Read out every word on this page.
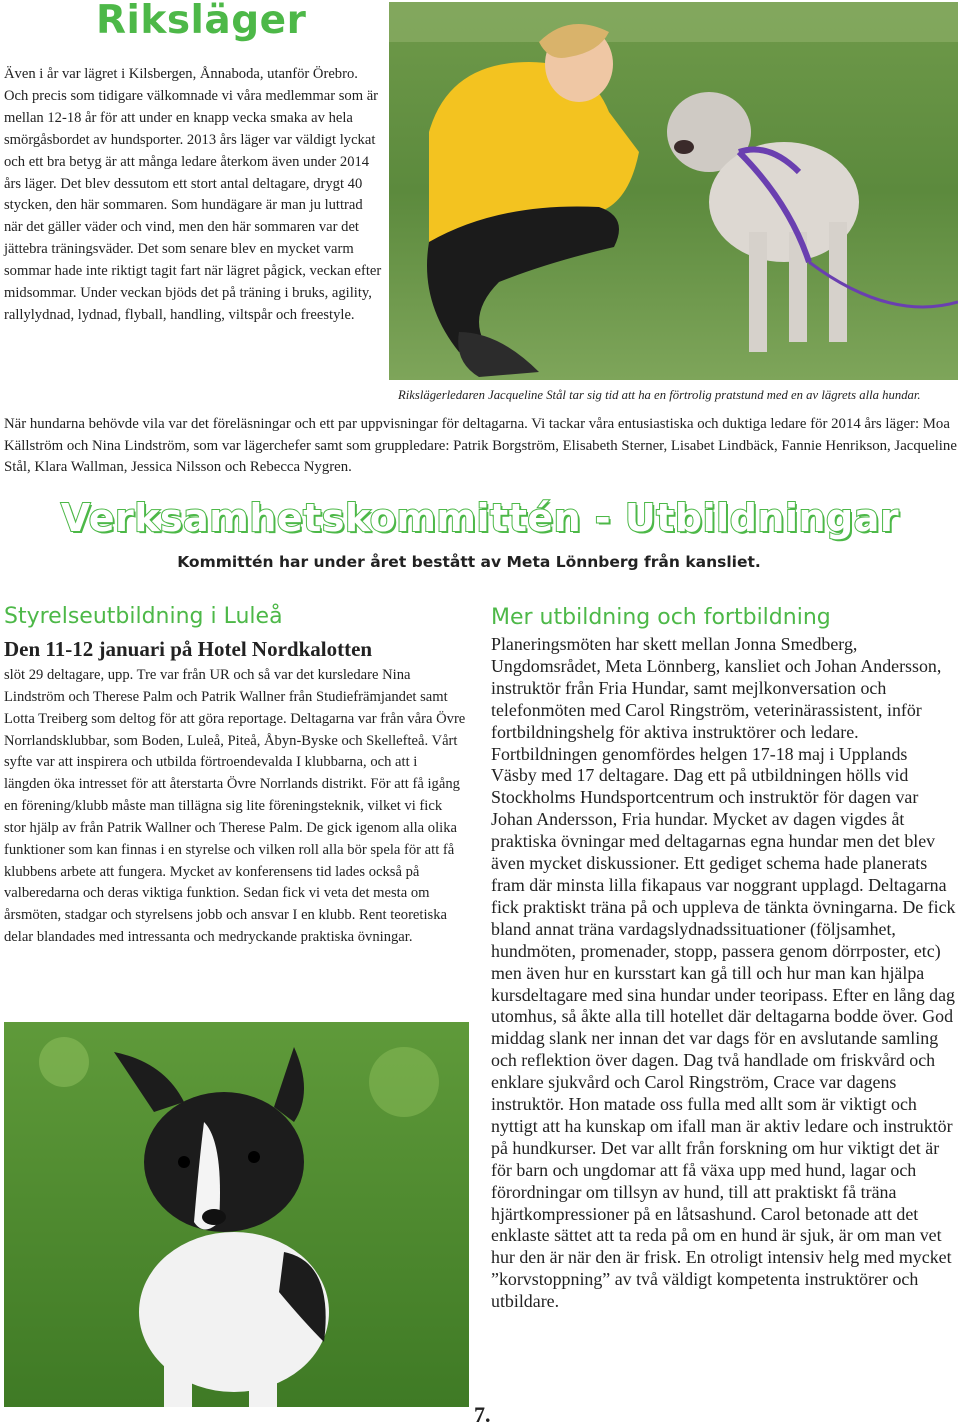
Riksläger

Även i år var lägret i Kilsbergen, Ånnaboda, utanför Örebro. Och precis som tidigare välkomnade vi våra medlemmar som är mellan 12-18 år för att under en knapp vecka smaka av hela smörgåsbordet av hundsporter. 2013 års läger var väldigt lyckat och ett bra betyg är att många ledare återkom även under 2014 års läger. Det blev dessutom ett stort antal deltagare, drygt 40 stycken, den här sommaren. Som hundägare är man ju luttrad när det gäller väder och vind, men den här sommaren var det jättebra träningsväder. Det som senare blev en mycket varm sommar hade inte riktigt tagit fart när lägret pågick, veckan efter midsommar. Under veckan bjöds det på träning i bruks, agility, rallylydnad, lydnad, flyball, handling, viltspår och freestyle.

Rikslägerledaren Jacqueline Stål tar sig tid att ha en förtrolig pratstund med en av lägrets alla hundar.

När hundarna behövde vila var det föreläsningar och ett par uppvisningar för deltagarna. Vi tackar våra entusiastiska och duktiga ledare för 2014 års läger: Moa Källström och Nina Lindström, som var lägerchefer samt som gruppledare: Patrik Borgström, Elisabeth Sterner, Lisabet Lindbäck, Fannie Henrikson, Jacqueline Stål, Klara Wallman, Jessica Nilsson och Rebecca Nygren.

Verksamhetskommittén - Utbildningar

Kommittén har under året bestått av Meta Lönnberg från kansliet.

Styrelseutbildning i Luleå
Den 11-12 januari på Hotel Nordkalotten

slöt 29 deltagare, upp. Tre var från UR och så var det kursledare Nina Lindström och Therese Palm och Patrik Wallner från Studiefrämjandet samt Lotta Treiberg som deltog för att göra reportage. Deltagarna var från våra Övre Norrlandsklubbar, som Boden, Luleå, Piteå, Åbyn-Byske och Skellefteå. Vårt syfte var att inspirera och utbilda förtroendevalda I klubbarna, och att i längden öka intresset för att återstarta Övre Norrlands distrikt. För att få igång en förening/klubb måste man tillägna sig lite föreningsteknik, vilket vi fick stor hjälp av från Patrik Wallner och Therese Palm. De gick igenom alla olika funktioner som kan finnas i en styrelse och vilken roll alla bör spela för att få klubbens arbete att fungera. Mycket av konferensens tid lades också på valberedarna och deras viktiga funktion. Sedan fick vi veta det mesta om årsmöten, stadgar och styrelsens jobb och ansvar I en klubb. Rent teoretiska delar blandades med intressanta och medryckande praktiska övningar.

Mer utbildning och fortbildning

Planeringsmöten har skett mellan Jonna Smedberg, Ungdomsrådet, Meta Lönnberg, kansliet och Johan Andersson, instruktör från Fria Hundar, samt mejlkonversation och telefonmöten med Carol Ringström, veterinärassistent, inför fortbildningshelg för aktiva instruktörer och ledare. Fortbildningen genomfördes helgen 17-18 maj i Upplands Väsby med 17 deltagare. Dag ett på utbildningen hölls vid Stockholms Hundsportcentrum och instruktör för dagen var Johan Andersson, Fria hundar. Mycket av dagen vigdes åt praktiska övningar med deltagarnas egna hundar men det blev även mycket diskussioner. Ett gediget schema hade planerats fram där minsta lilla fikapaus var noggrant upplagd. Deltagarna fick praktiskt träna på och uppleva de tänkta övningarna. De fick bland annat träna vardagslydnadssituationer (följsamhet, hundmöten, promenader, stopp, passera genom dörrposter, etc) men även hur en kursstart kan gå till och hur man kan hjälpa kursdeltagare med sina hundar under teoripass. Efter en lång dag utomhus, så åkte alla till hotellet där deltagarna bodde över. God middag slank ner innan det var dags för en avslutande samling och reflektion över dagen. Dag två handlade om friskvård och enklare sjukvård och Carol Ringström, Crace var dagens instruktör. Hon matade oss fulla med allt som är viktigt och nyttigt att ha kunskap om ifall man är aktiv ledare och instruktör på hundkurser. Det var allt från forskning om hur viktigt det är för barn och ungdomar att få växa upp med hund, lagar och förordningar om tillsyn av hund, till att praktiskt få träna hjärtkompressioner på en låtsashund. Carol betonade att det enklaste sättet att ta reda på om en hund är sjuk, är om man vet hur den är när den är frisk. En otroligt intensiv helg med mycket ”korvstoppning” av två väldigt kompetenta instruktörer och utbildare.

7.
